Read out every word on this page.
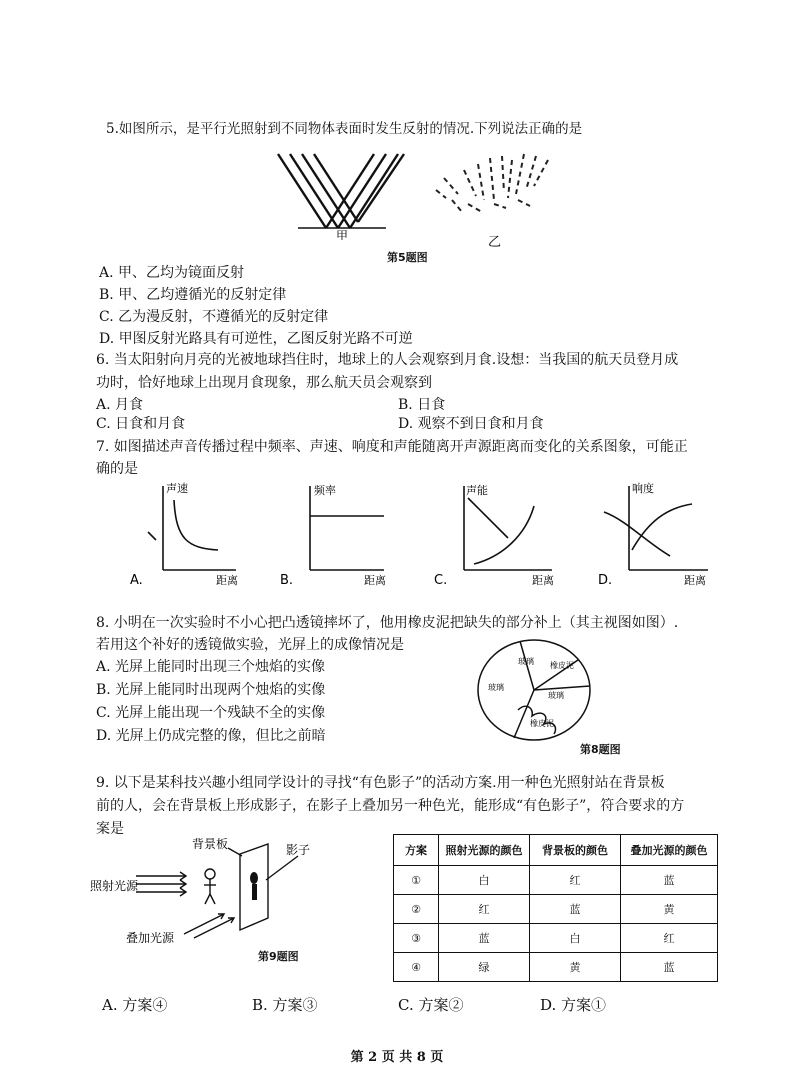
5.如图所示，是平行光照射到不同物体表面时发生反射的情况.下列说法正确的是
甲	乙
第5题图
A. 甲、乙均为镜面反射
B. 甲、乙均遵循光的反射定律
C. 乙为漫反射，不遵循光的反射定律
D. 甲图反射光路具有可逆性，乙图反射光路不可逆
6. 当太阳射向月亮的光被地球挡住时，地球上的人会观察到月食.设想：当我国的航天员登月成
功时，恰好地球上出现月食现象，那么航天员会观察到
A. 月食	B. 日食
C. 日食和月食	D. 观察不到日食和月食
7. 如图描述声音传播过程中频率、声速、响度和声能随离开声源距离而变化的关系图象，可能正
确的是
声速
距离
A.
频率
距离
B.
声能
距离
C.
响度
距离
D.
8. 小明在一次实验时不小心把凸透镜摔坏了，他用橡皮泥把缺失的部分补上（其主视图如图）.
若用这个补好的透镜做实验，光屏上的成像情况是
A. 光屏上能同时出现三个烛焰的实像
B. 光屏上能同时出现两个烛焰的实像
C. 光屏上能出现一个残缺不全的实像
D. 光屏上仍成完整的像，但比之前暗
玻璃 橡皮泥
玻璃
玻璃
橡皮泥
第8题图
9. 以下是某科技兴趣小组同学设计的寻找“有色影子”的活动方案.用一种色光照射站在背景板
前的人，会在背景板上形成影子，在影子上叠加另一种色光，能形成“有色影子”，符合要求的方
案是
背景板	影子
照射光源
叠加光源
第9题图
方案	照射光源的颜色	背景板的颜色	叠加光源的颜色
①	白	红	蓝
②	红	蓝	黄
③	蓝	白	红
④	绿	黄	蓝
A. 方案④	B. 方案③	C. 方案②	D. 方案①
第 2 页 共 8 页
